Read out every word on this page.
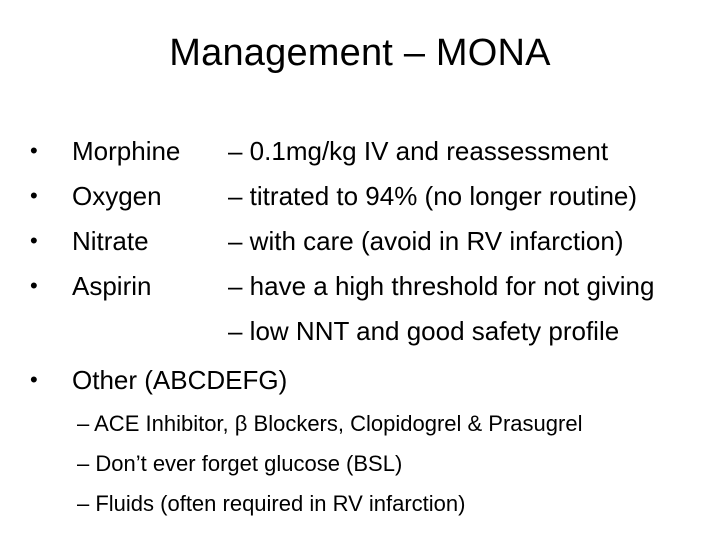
Management – MONA
• Morphine – 0.1mg/kg IV and reassessment
• Oxygen	– titrated to 94% (no longer routine)
• Nitrate	– with care (avoid in RV infarction)
• Aspirin	– have a high threshold for not giving
– low NNT and good safety profile
• Other (ABCDEFG)
– ACE Inhibitor, β Blockers, Clopidogrel & Prasugrel
– Don’t ever forget glucose (BSL)
– Fluids (often required in RV infarction)
